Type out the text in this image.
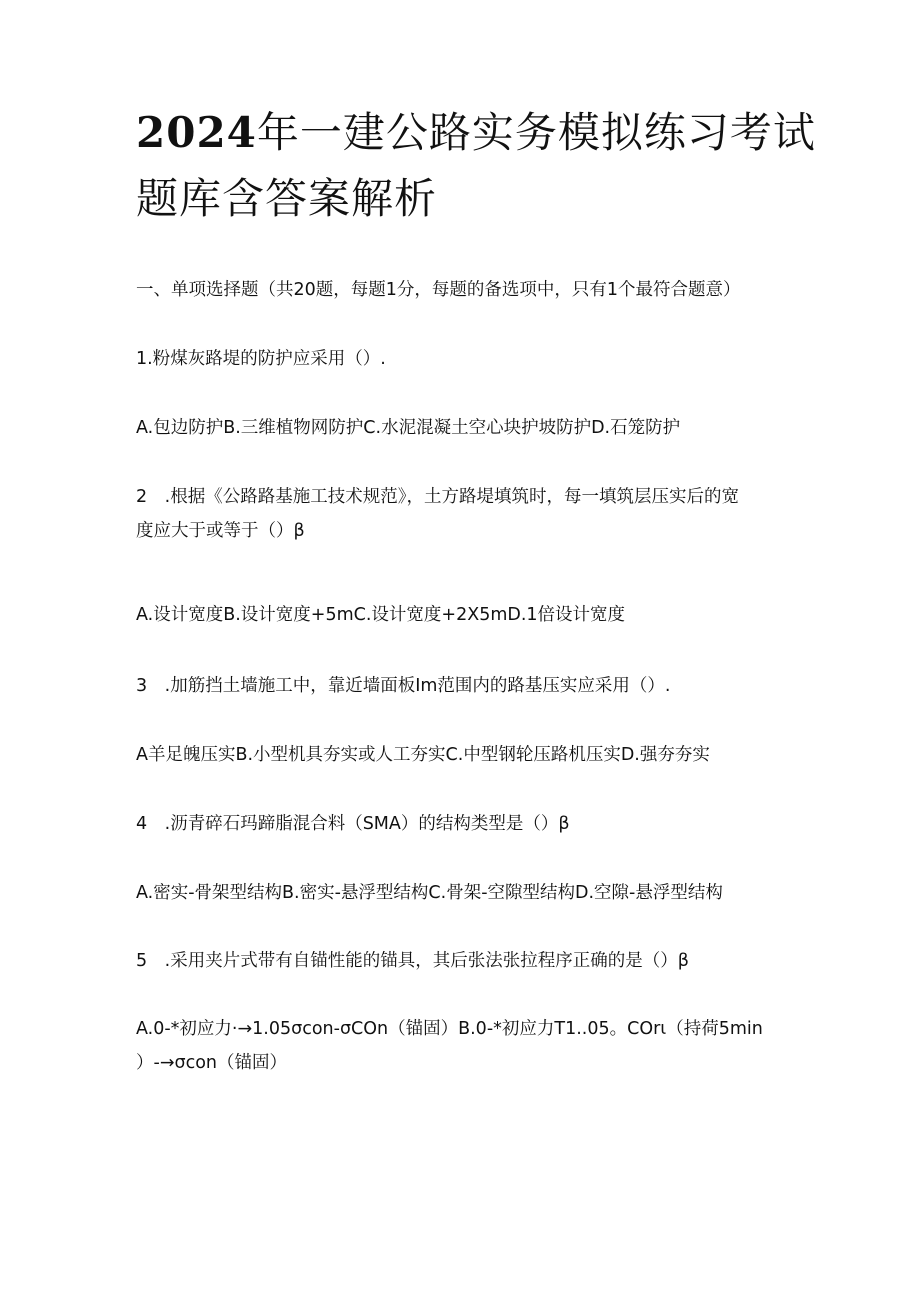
2024年一建公路实务模拟练习考试
题库含答案解析

一、单项选择题（共20题，每题1分，每题的备选项中，只有1个最符合题意）

1.粉煤灰路堤的防护应采用（）.

A.包边防护B.三维植物网防护C.水泥混凝土空心块护坡防护D.石笼防护

2　.根据《公路路基施工技术规范》，土方路堤填筑时，每一填筑层压实后的宽
度应大于或等于（）β

A.设计宽度B.设计宽度+5mC.设计宽度+2X5mD.1倍设计宽度

3　.加筋挡土墙施工中，靠近墙面板Im范围内的路基压实应采用（）.

A羊足魄压实B.小型机具夯实或人工夯实C.中型钢轮压路机压实D.强夯夯实

4　.沥青碎石玛蹄脂混合料（SMA）的结构类型是（）β

A.密实-骨架型结构B.密实-悬浮型结构C.骨架-空隙型结构D.空隙-悬浮型结构

5　.采用夹片式带有自锚性能的锚具，其后张法张拉程序正确的是（）β

A.0-*初应力·→1.05σcon-σCOn（锚固）B.0-*初应力T1..05。COrι（持荷5min
）-→σcon（锚固）
